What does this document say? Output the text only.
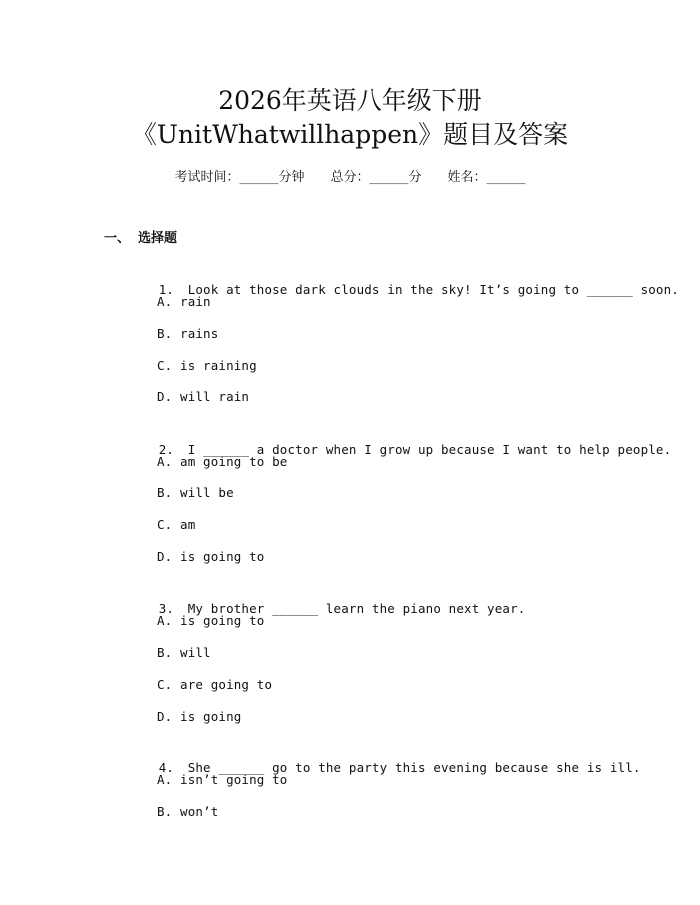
2026年英语八年级下册
《UnitWhatwillhappen》题目及答案
考试时间：______分钟 总分：______分 姓名：______
一、 选择题

1. Look at those dark clouds in the sky! It’s going to ______ soon.

A. rain
B. rains
C. is raining
D. will rain

2. I ______ a doctor when I grow up because I want to help people.

A. am going to be
B. will be
C. am
D. is going to

3. My brother ______ learn the piano next year.

A. is going to
B. will
C. are going to
D. is going

4. She ______ go to the party this evening because she is ill.

A. isn’t going to
B. won’t
